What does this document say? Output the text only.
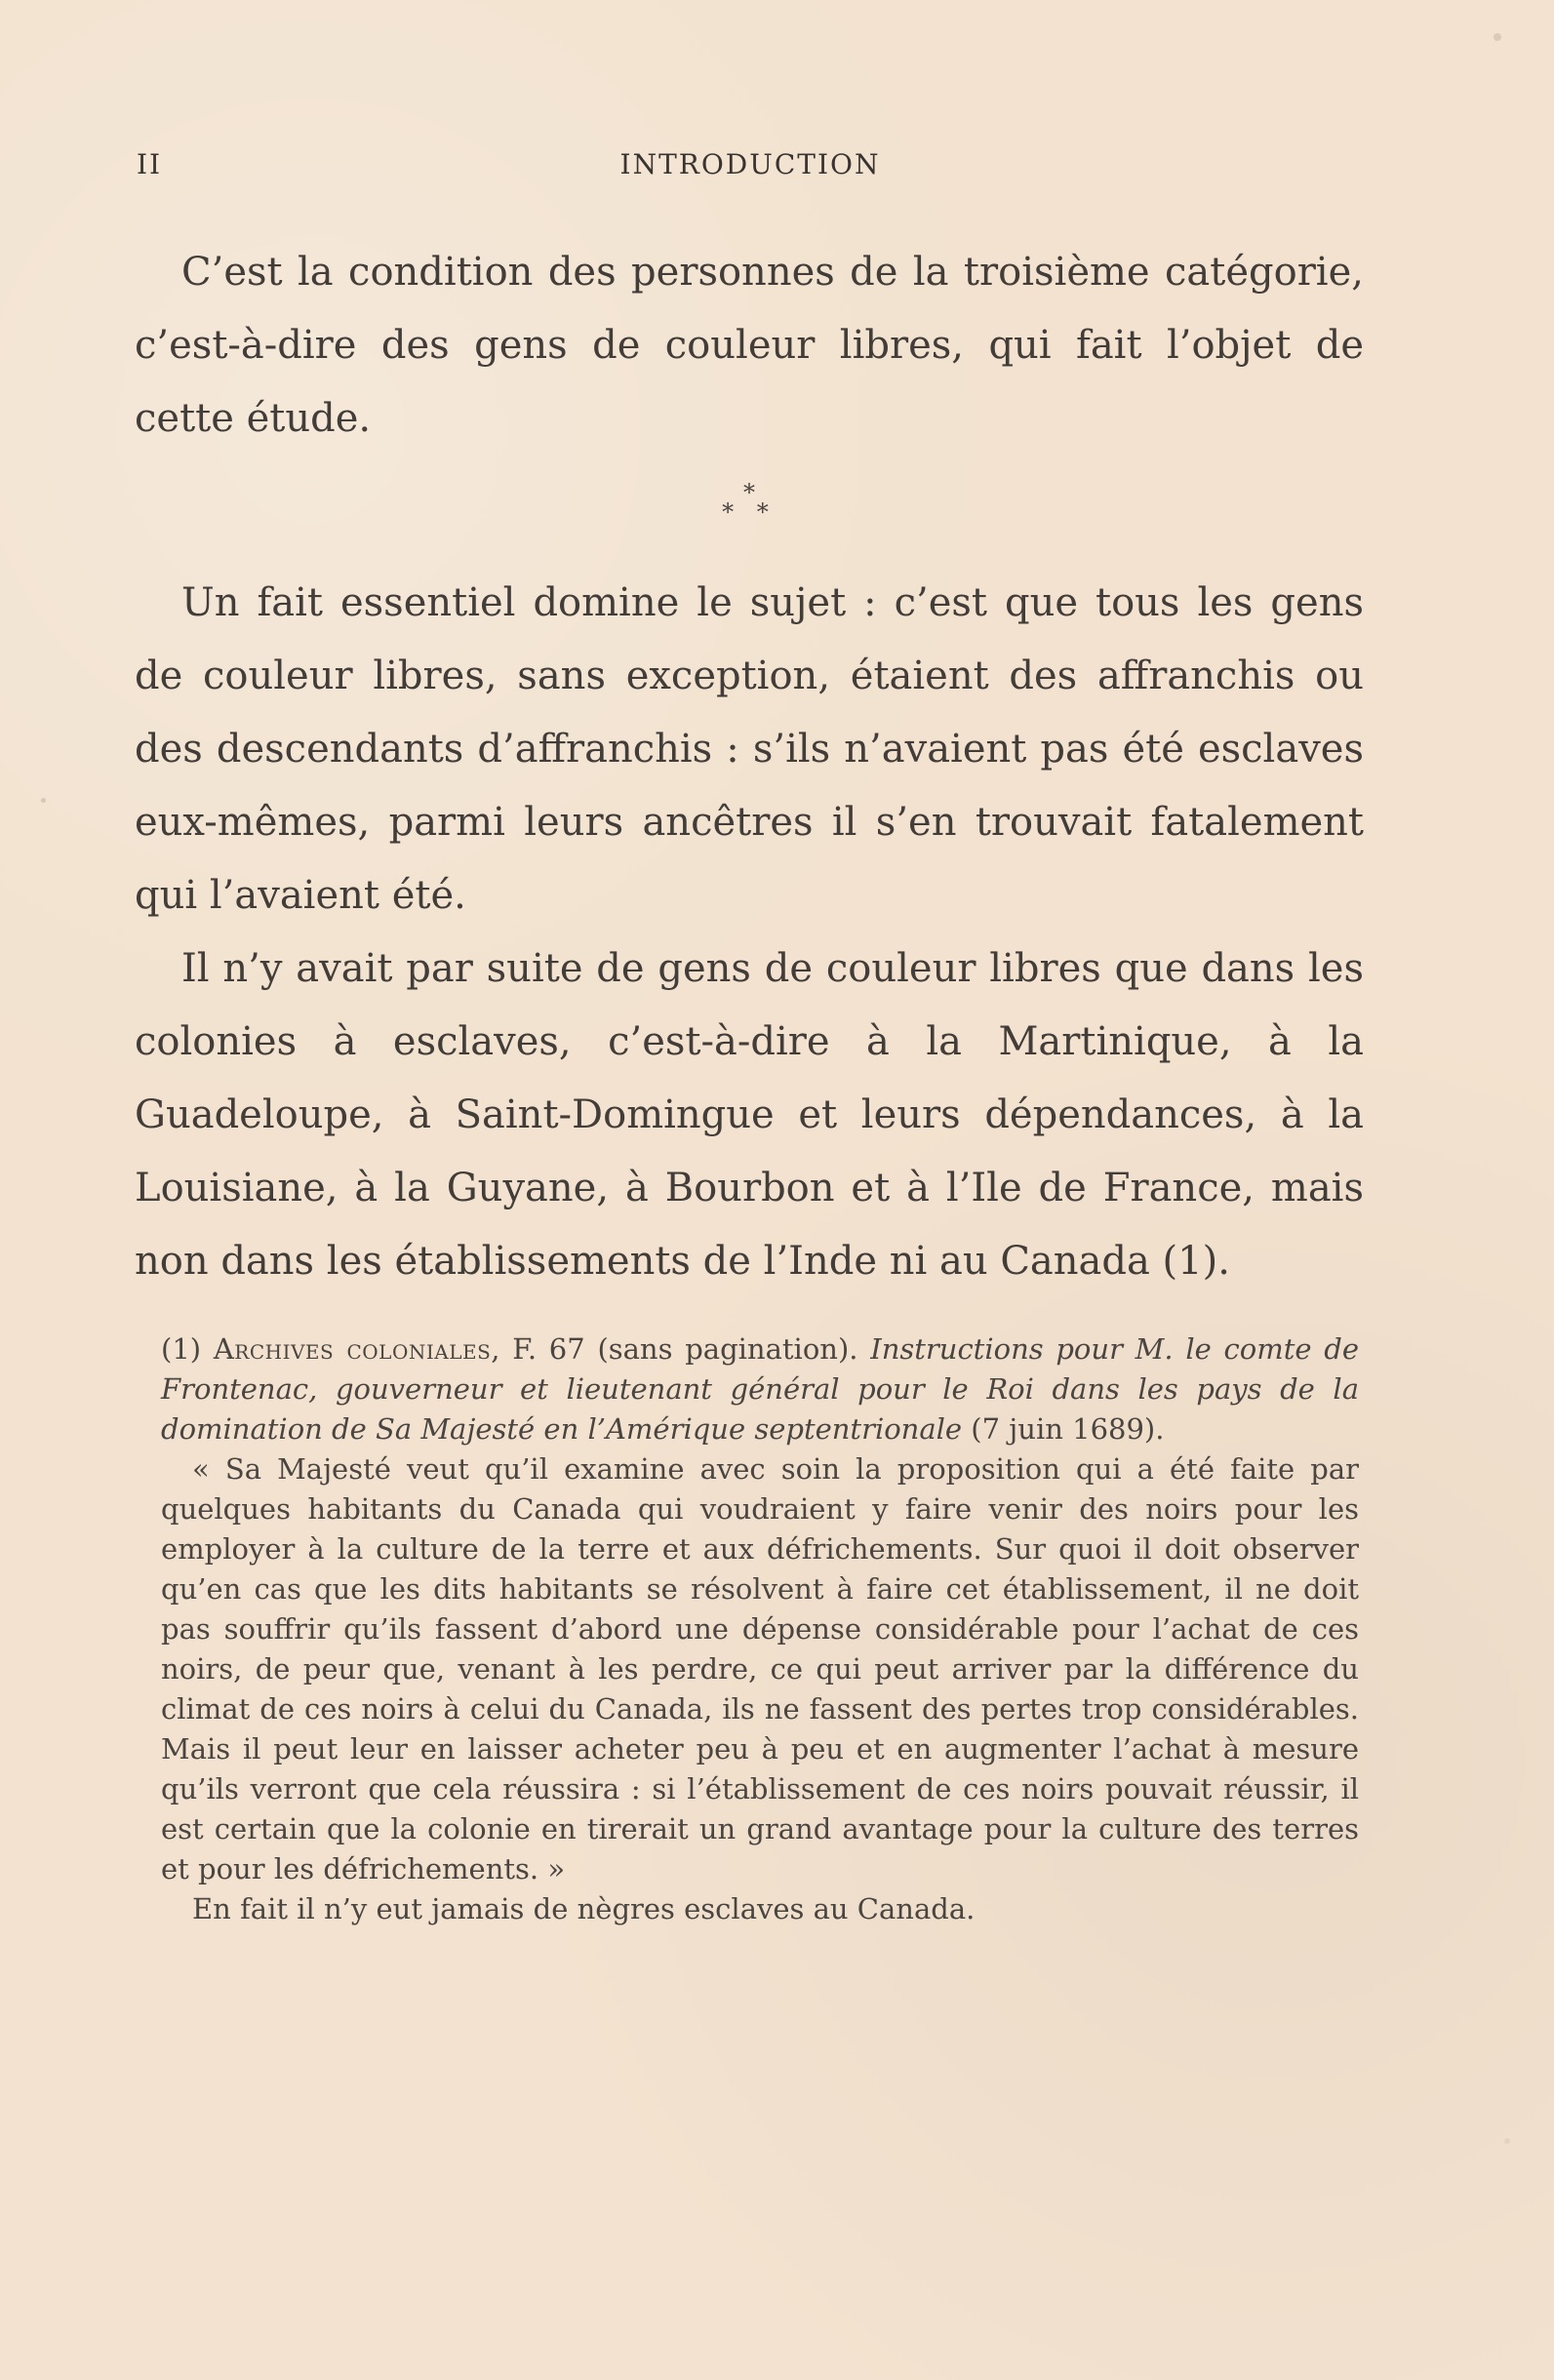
II	INTRODUCTION

C’est la condition des personnes de la troisième catégorie, c’est-à-dire des gens de couleur libres, qui fait l’objet de cette étude.

*
* *

Un fait essentiel domine le sujet : c’est que tous les gens de couleur libres, sans exception, étaient des affranchis ou des descendants d’affranchis : s’ils n’avaient pas été esclaves eux-mêmes, parmi leurs ancêtres il s’en trouvait fatalement qui l’avaient été.

Il n’y avait par suite de gens de couleur libres que dans les colonies à esclaves, c’est-à-dire à la Martinique, à la Guadeloupe, à Saint-Domingue et leurs dépendances, à la Louisiane, à la Guyane, à Bourbon et à l’Ile de France, mais non dans les établissements de l’Inde ni au Canada (1).

(1) Archives coloniales, F. 67 (sans pagination). Instructions pour M. le comte de Frontenac, gouverneur et lieutenant général pour le Roi dans les pays de la domination de Sa Majesté en l’Amérique septentrionale (7 juin 1689).

« Sa Majesté veut qu’il examine avec soin la proposition qui a été faite par quelques habitants du Canada qui voudraient y faire venir des noirs pour les employer à la culture de la terre et aux défrichements. Sur quoi il doit observer qu’en cas que les dits habitants se résolvent à faire cet établissement, il ne doit pas souffrir qu’ils fassent d’abord une dépense considérable pour l’achat de ces noirs, de peur que, venant à les perdre, ce qui peut arriver par la différence du climat de ces noirs à celui du Canada, ils ne fassent des pertes trop considérables. Mais il peut leur en laisser acheter peu à peu et en augmenter l’achat à mesure qu’ils verront que cela réussira : si l’établissement de ces noirs pouvait réussir, il est certain que la colonie en tirerait un grand avantage pour la culture des terres et pour les défrichements. »

En fait il n’y eut jamais de nègres esclaves au Canada.
